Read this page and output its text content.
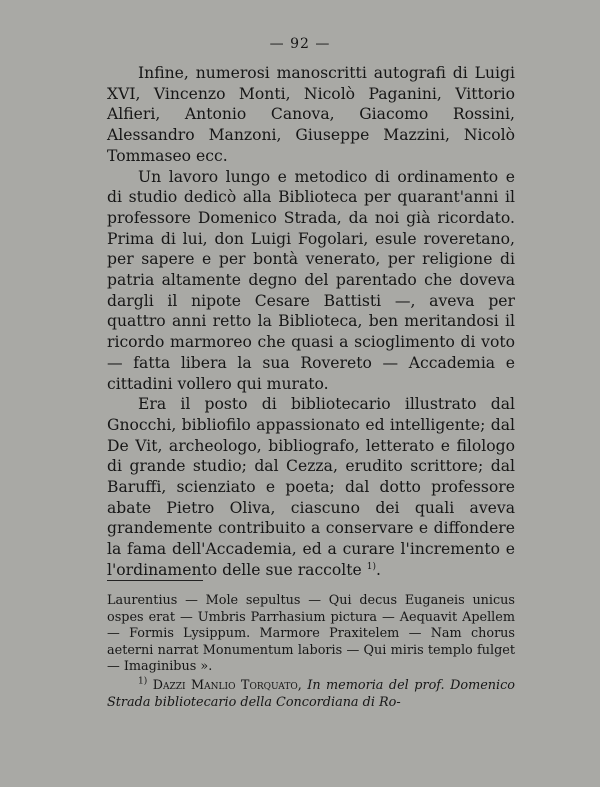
— 92 —

Infine, numerosi manoscritti autografi di Luigi XVI, Vincenzo Monti, Nicolò Paganini, Vittorio Alfieri, Antonio Canova, Giacomo Rossini, Alessandro Manzoni, Giuseppe Mazzini, Nicolò Tommaseo ecc.

Un lavoro lungo e metodico di ordinamento e di studio dedicò alla Biblioteca per quarant'anni il professore Domenico Strada, da noi già ricordato. Prima di lui, don Luigi Fogolari, esule roveretano, per sapere e per bontà venerato, per religione di patria altamente degno del parentado che doveva dargli il nipote Cesare Battisti —, aveva per quattro anni retto la Biblioteca, ben meritandosi il ricordo marmoreo che quasi a scioglimento di voto — fatta libera la sua Rovereto — Accademia e cittadini vollero qui murato.

Era il posto di bibliotecario illustrato dal Gnocchi, bibliofilo appassionato ed intelligente; dal De Vit, archeologo, bibliografo, letterato e filologo di grande studio; dal Cezza, erudito scrittore; dal Baruffi, scienziato e poeta; dal dotto professore abate Pietro Oliva, ciascuno dei quali aveva grandemente contribuito a conservare e diffondere la fama dell'Accademia, ed a curare l'incremento e l'ordinamento delle sue raccolte $^{1)}$.

Laurentius — Mole sepultus — Qui decus Euganeis unicus ospes erat — Umbris Parrhasium pictura — Aequavit Apellem — Formis Lysippum. Marmore Praxitelem — Nam chorus aeterni narrat Monumentum laboris — Qui miris templo fulget — Imaginibus ».

$^{1)}$ Dazzi Manlio Torquato, In memoria del prof. Domenico Strada bibliotecario della Concordiana di Ro-
